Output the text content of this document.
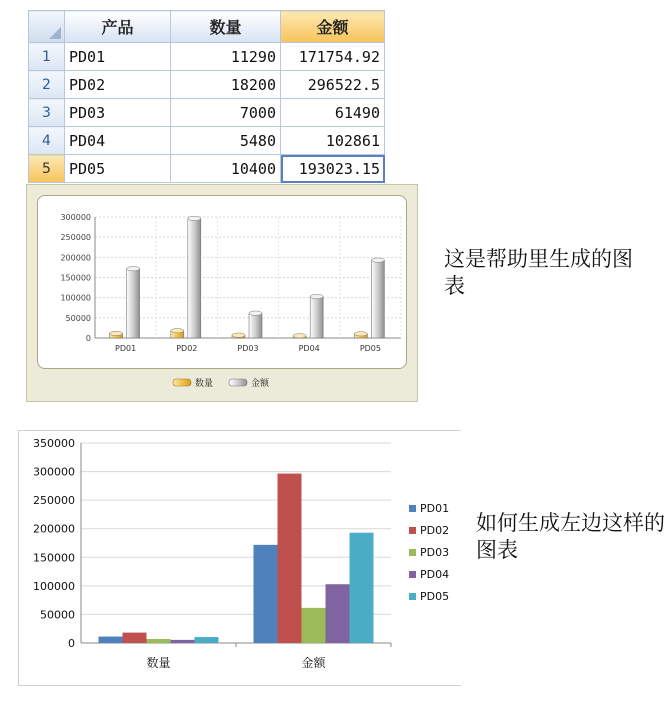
	产品	数量	金额
1	PD01	11290	171754.92
2	PD02	18200	296522.5
3	PD03	7000	61490
4	PD04	5480	102861
5	PD05	10400	193023.15
0
50000
100000
150000
200000
250000
300000
PD01	PD02	PD03	PD04	PD05
数量	金额
这是帮助里生成的图表
0
50000
100000
150000
200000
250000
300000
350000
数量	金额
PD01
PD02
PD03
PD04
PD05
如何生成左边这样的图表
